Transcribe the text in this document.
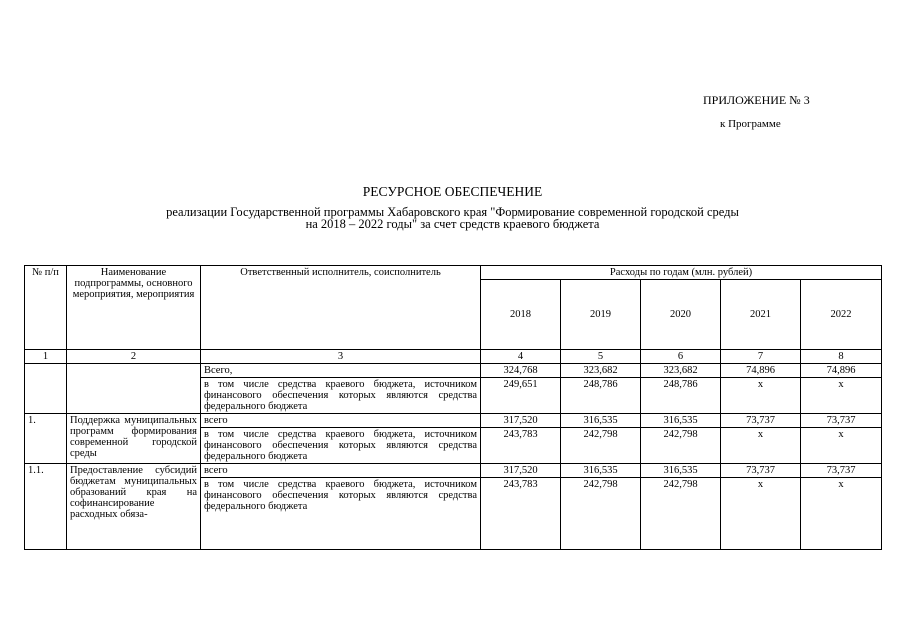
ПРИЛОЖЕНИЕ № 3
к Программе
РЕСУРСНОЕ ОБЕСПЕЧЕНИЕ
реализации Государственной программы Хабаровского края "Формирование современной городской среды
на 2018 – 2022 годы" за счет средств краевого бюджета
№ п/п	Наименование подпрограммы, основного мероприятия, мероприятия	Ответственный исполнитель, соисполнитель	Расходы по годам (млн. рублей)				
			2018	2019	2020	2021	2022
1	2	3	4	5	6	7	8
		Всего,	324,768	323,682	323,682	74,896	74,896
		в том числе средства краевого бюджета, источником финансового обеспечения которых являются средства федерального бюджета	249,651	248,786	248,786	x	x
1.	Поддержка муниципальных программ формирования современной городской среды	всего	317,520	316,535	316,535	73,737	73,737
		в том числе средства краевого бюджета, источником финансового обеспечения которых являются средства федерального бюджета	243,783	242,798	242,798	x	x
1.1.	Предоставление субсидий бюджетам муниципальных образований края на софинансирование расходных обяза-	всего	317,520	316,535	316,535	73,737	73,737
		в том числе средства краевого бюджета, источником финансового обеспечения которых являются средства федерального бюджета	243,783	242,798	242,798	x	x
